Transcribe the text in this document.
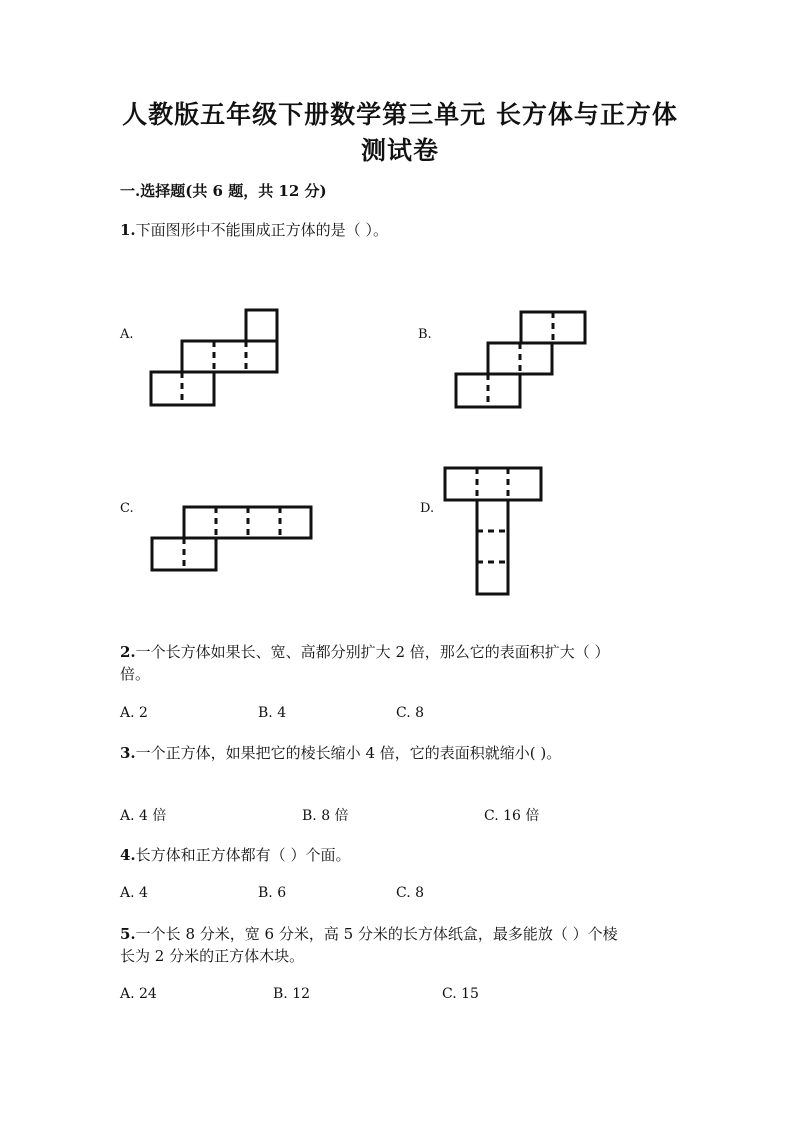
人教版五年级下册数学第三单元 长方体与正方体
测试卷
一.选择题(共 6 题，共 12 分)
1.下面图形中不能围成正方体的是（ ）。
A.	B.
C.	D.
2.一个长方体如果长、宽、高都分别扩大 2 倍，那么它的表面积扩大（ ）
倍。
A. 2	B. 4	C. 8
3.一个正方体，如果把它的棱长缩小 4 倍，它的表面积就缩小( )。
A. 4 倍	B. 8 倍	C. 16 倍
4.长方体和正方体都有（ ）个面。
A. 4	B. 6	C. 8
5.一个长 8 分米，宽 6 分米，高 5 分米的长方体纸盒，最多能放（ ）个棱
长为 2 分米的正方体木块。
A. 24	B. 12	C. 15
